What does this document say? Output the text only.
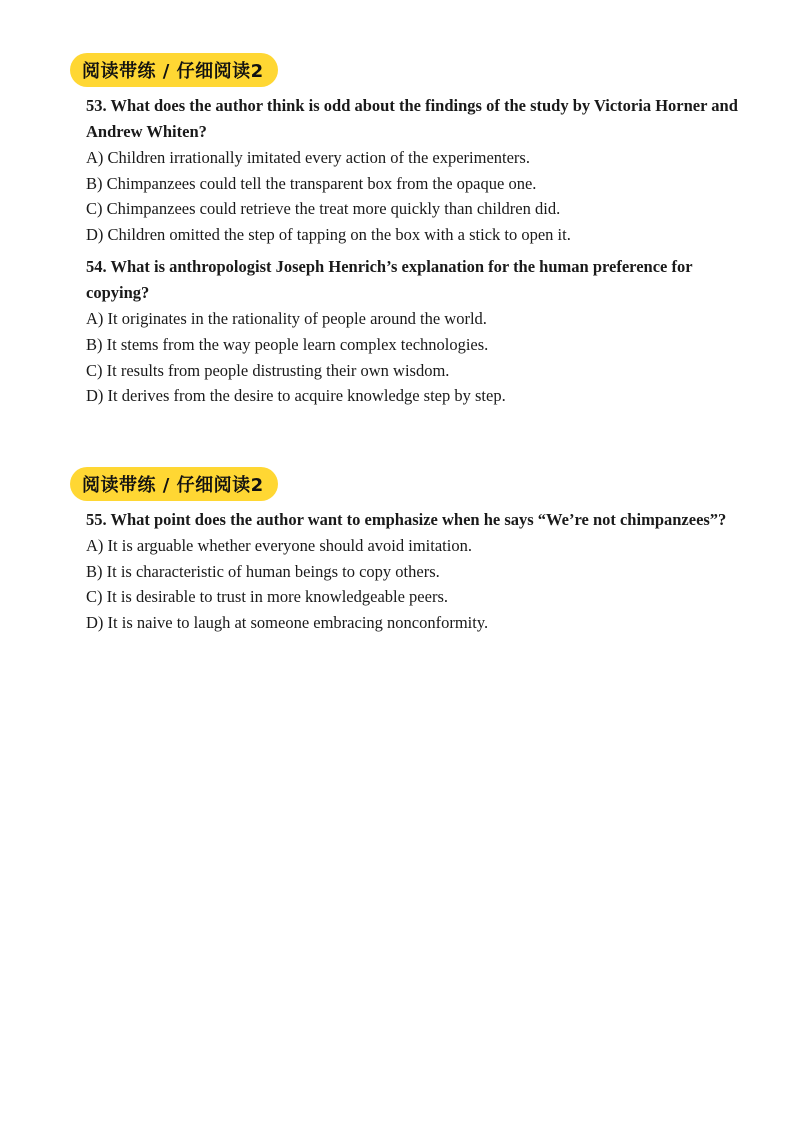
阅读带练 / 仔细阅读2

53. What does the author think is odd about the findings of the study by Victoria Horner and Andrew Whiten?

A) Children irrationally imitated every action of the experimenters.

B) Chimpanzees could tell the transparent box from the opaque one.

C) Chimpanzees could retrieve the treat more quickly than children did.

D) Children omitted the step of tapping on the box with a stick to open it.

54. What is anthropologist Joseph Henrich’s explanation for the human preference for copying?

A) It originates in the rationality of people around the world.

B) It stems from the way people learn complex technologies.

C) It results from people distrusting their own wisdom.

D) It derives from the desire to acquire knowledge step by step.

阅读带练 / 仔细阅读2

55. What point does the author want to emphasize when he says “We’re not chimpanzees”?

A) It is arguable whether everyone should avoid imitation.

B) It is characteristic of human beings to copy others.

C) It is desirable to trust in more knowledgeable peers.

D) It is naive to laugh at someone embracing nonconformity.
